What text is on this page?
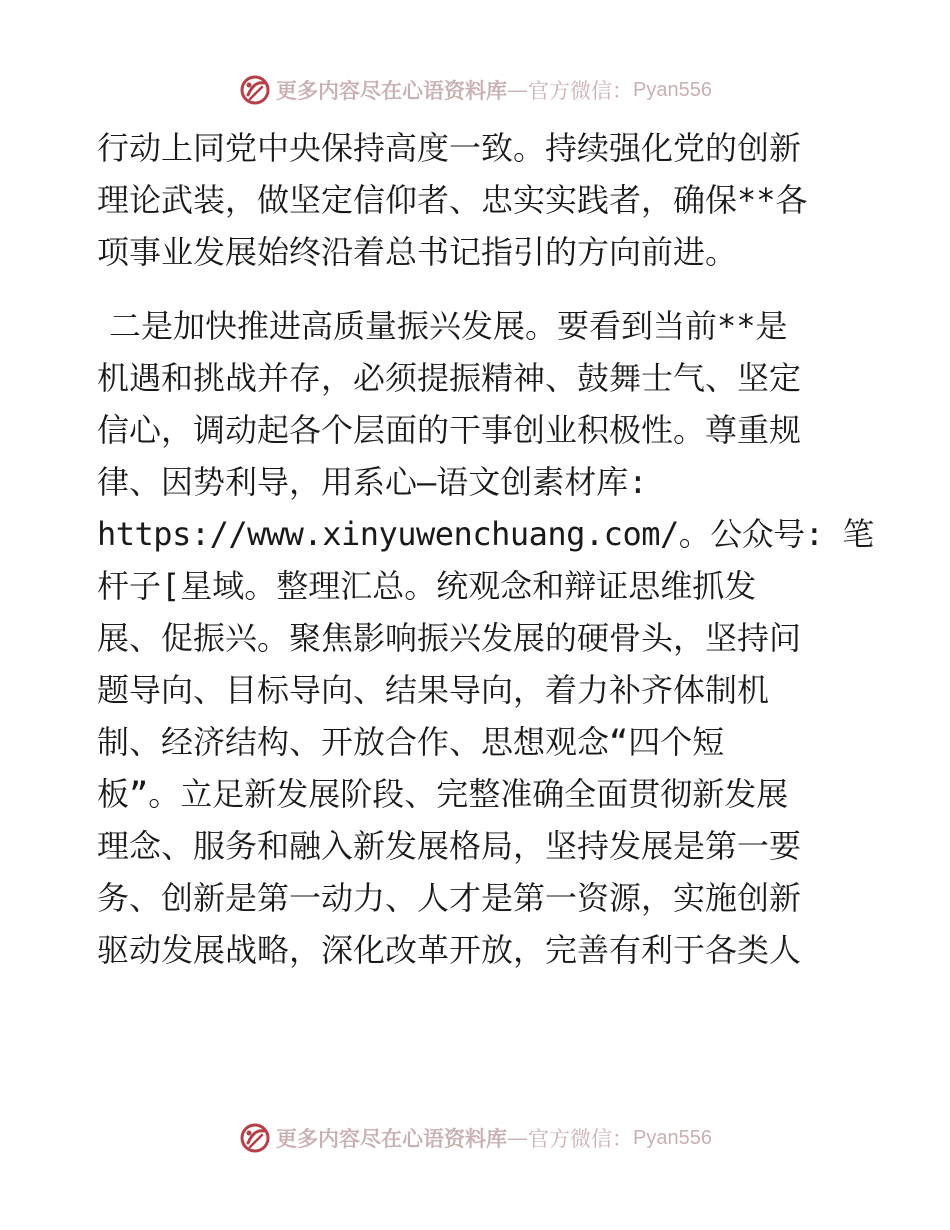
更多内容尽在心语资料库 — 官方微信： Pyan556
行动上同党中央保持高度一致。持续强化党的创新
理论武装，做坚定信仰者、忠实实践者，确保**各
项事业发展始终沿着总书记指引的方向前进。
二是加快推进高质量振兴发展。要看到当前**是
机遇和挑战并存，必须提振精神、鼓舞士气、坚定
信心，调动起各个层面的干事创业积极性。尊重规
律、因势利导，用系心—语文创素材库:
https://www.xinyuwenchuang.com/。公众号: 笔
杆子[星域。整理汇总。统观念和辩证思维抓发
展、促振兴。聚焦影响振兴发展的硬骨头，坚持问
题导向、目标导向、结果导向，着力补齐体制机
制、经济结构、开放合作、思想观念“四个短
板”。立足新发展阶段、完整准确全面贯彻新发展
理念、服务和融入新发展格局，坚持发展是第一要
务、创新是第一动力、人才是第一资源，实施创新
驱动发展战略，深化改革开放，完善有利于各类人
更多内容尽在心语资料库 — 官方微信： Pyan556
